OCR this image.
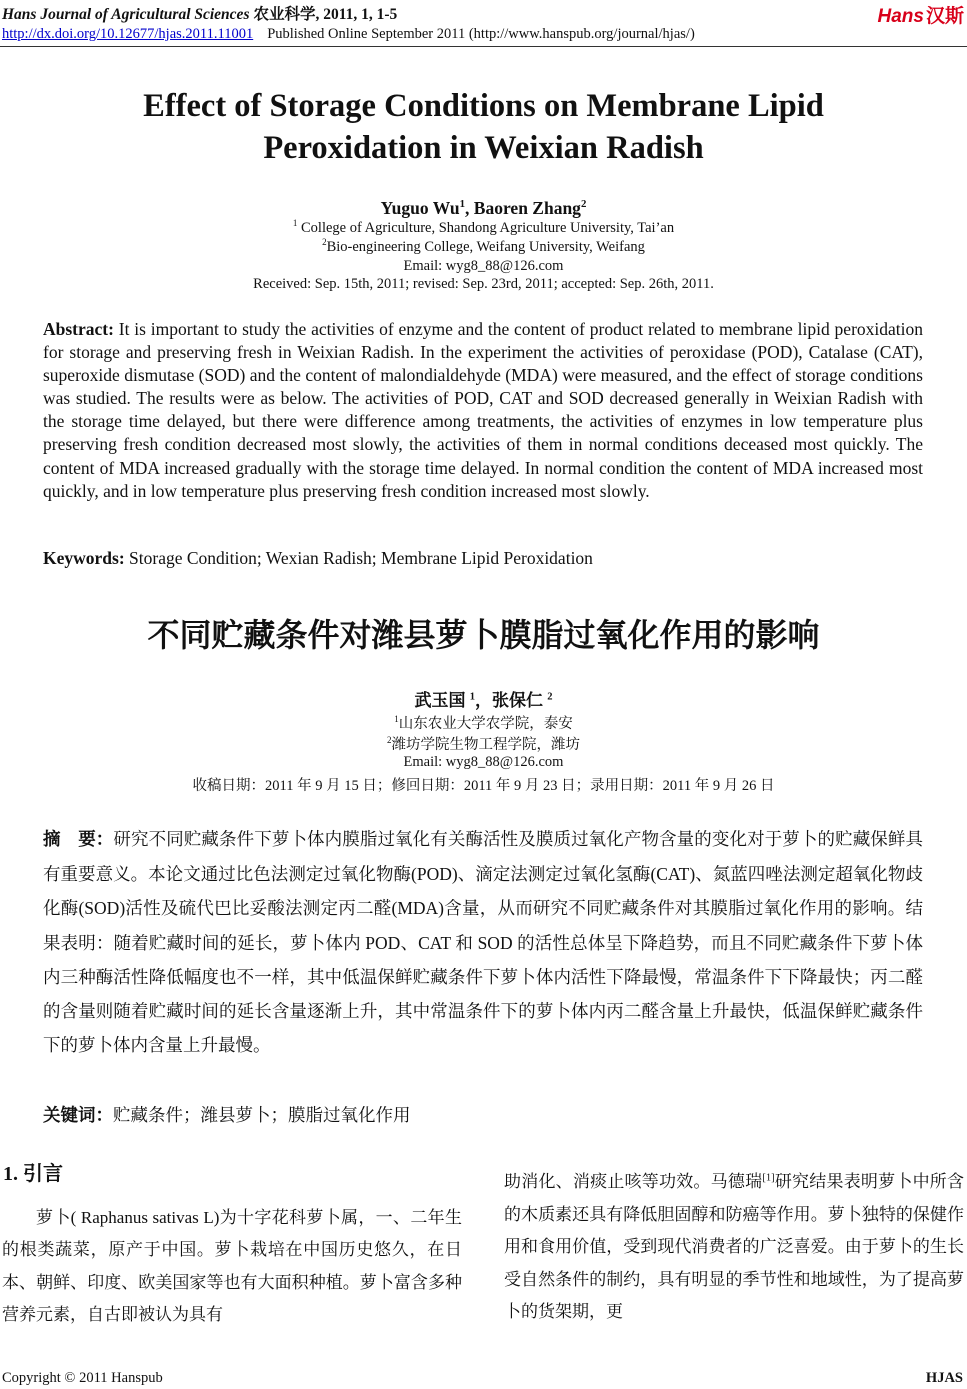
Hans Journal of Agricultural Sciences 农业科学, 2011, 1, 1-5	Hans 汉斯
http://dx.doi.org/10.12677/hjas.2011.11001 Published Online September 2011 (http://www.hanspub.org/journal/hjas/)
Effect of Storage Conditions on Membrane Lipid
Peroxidation in Weixian Radish
Yuguo Wu$^1$, Baoren Zhang$^2$
$^1$ College of Agriculture, Shandong Agriculture University, Tai’an
$^2$Bio-engineering College, Weifang University, Weifang
Email: wyg8_88@126.com
Received: Sep. 15th, 2011; revised: Sep. 23rd, 2011; accepted: Sep. 26th, 2011.
Abstract: It is important to study the activities of enzyme and the content of product related to membrane lipid peroxidation for storage and preserving fresh in Weixian Radish. In the experiment the activities of peroxidase (POD), Catalase (CAT), superoxide dismutase (SOD) and the content of malondialdehyde (MDA) were measured, and the effect of storage conditions was studied. The results were as below. The activities of POD, CAT and SOD decreased generally in Weixian Radish with the storage time delayed, but there were difference among treatments, the activities of enzymes in low temperature plus preserving fresh condition decreased most slowly, the activities of them in normal conditions deceased most quickly. The content of MDA increased gradually with the storage time delayed. In normal condition the content of MDA increased most quickly, and in low temperature plus preserving fresh condition increased most slowly.
Keywords: Storage Condition; Wexian Radish; Membrane Lipid Peroxidation
不同贮藏条件对潍县萝卜膜脂过氧化作用的影响
武玉国 $^1$，张保仁 $^2$
$^1$山东农业大学农学院，泰安
$^2$潍坊学院生物工程学院，潍坊
Email: wyg8_88@126.com
收稿日期：2011 年 9 月 15 日；修回日期：2011 年 9 月 23 日；录用日期：2011 年 9 月 26 日
摘　要：研究不同贮藏条件下萝卜体内膜脂过氧化有关酶活性及膜质过氧化产物含量的变化对于萝卜的贮藏保鲜具有重要意义。本论文通过比色法测定过氧化物酶(POD)、滴定法测定过氧化氢酶(CAT)、氮蓝四唑法测定超氧化物歧化酶(SOD)活性及硫代巴比妥酸法测定丙二醛(MDA)含量，从而研究不同贮藏条件对其膜脂过氧化作用的影响。结果表明：随着贮藏时间的延长，萝卜体内 POD、CAT 和 SOD 的活性总体呈下降趋势，而且不同贮藏条件下萝卜体内三种酶活性降低幅度也不一样，其中低温保鲜贮藏条件下萝卜体内活性下降最慢，常温条件下下降最快；丙二醛的含量则随着贮藏时间的延长含量逐渐上升，其中常温条件下的萝卜体内丙二醛含量上升最快，低温保鲜贮藏条件下的萝卜体内含量上升最慢。
关键词：贮藏条件；潍县萝卜；膜脂过氧化作用
1. 引言
萝卜( Raphanus sativas L)为十字花科萝卜属，一、二年生的根类蔬菜，原产于中国。萝卜栽培在中国历史悠久，在日本、朝鲜、印度、欧美国家等也有大面积种植。萝卜富含多种营养元素，自古即被认为具有
助消化、消痰止咳等功效。马德瑞[1]研究结果表明萝卜中所含的木质素还具有降低胆固醇和防癌等作用。萝卜独特的保健作用和食用价值，受到现代消费者的广泛喜爱。由于萝卜的生长受自然条件的制约，具有明显的季节性和地域性，为了提高萝卜的货架期，更
Copyright © 2011 Hanspub	HJAS
